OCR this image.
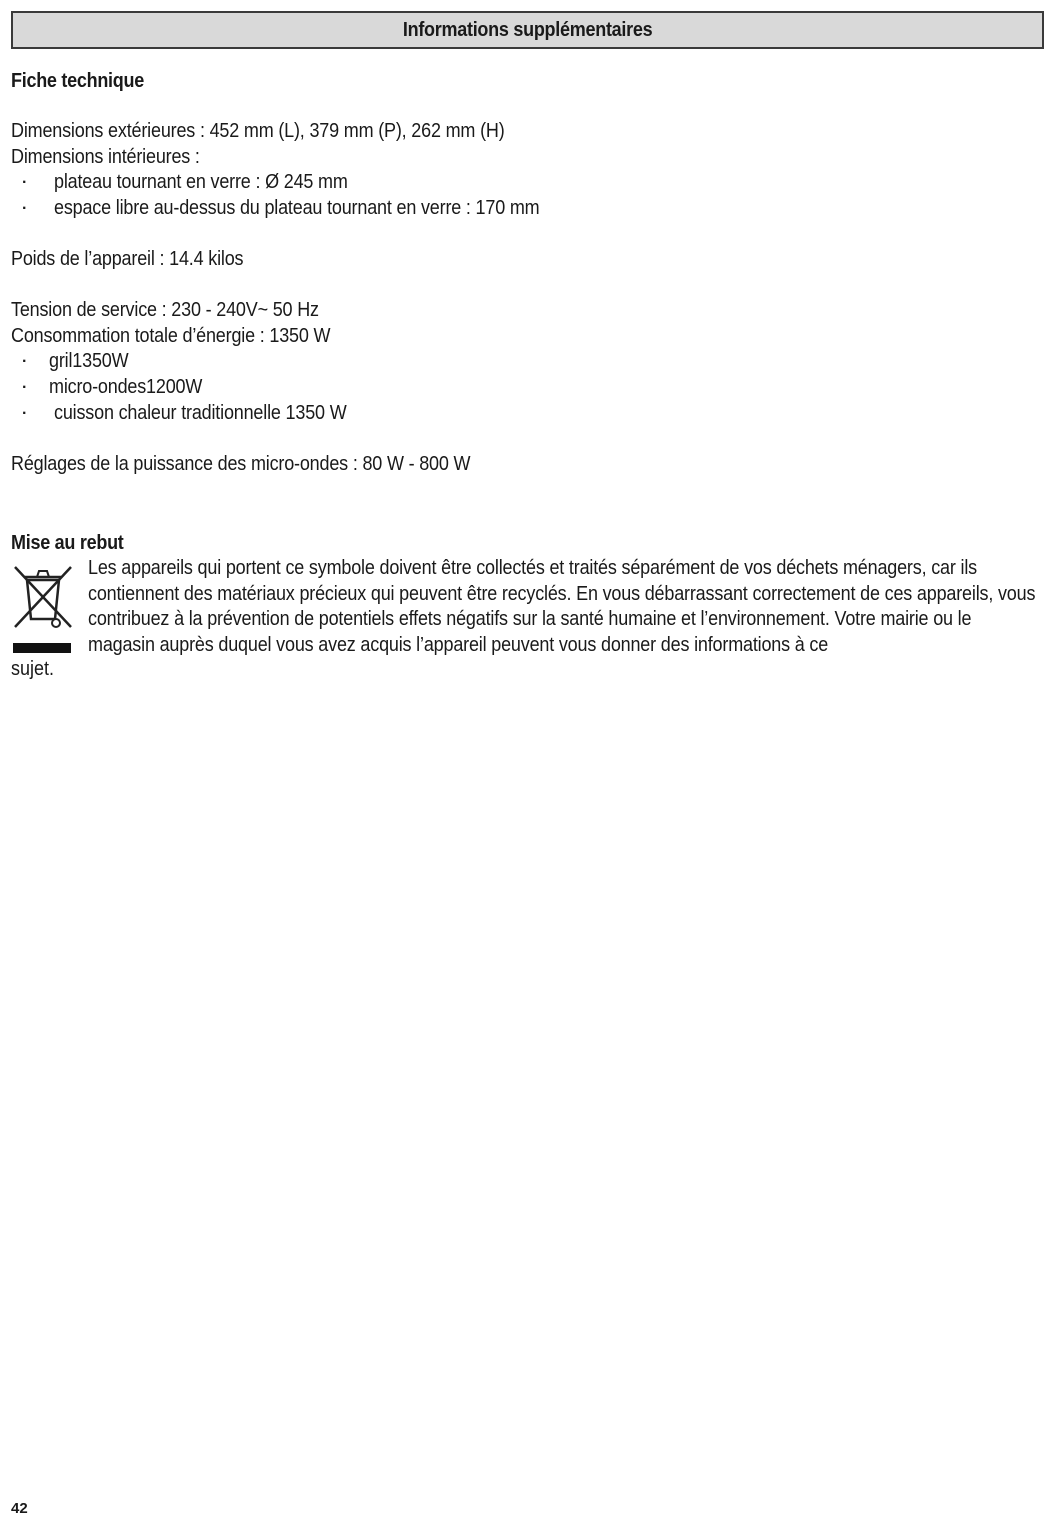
Informations supplémentaires
Fiche technique
Dimensions extérieures : 452 mm (L), 379 mm (P), 262 mm (H)
Dimensions intérieures :
· plateau tournant en verre : Ø 245 mm
· espace libre au-dessus du plateau tournant en verre : 170 mm
Poids de l’appareil : 14.4 kilos
Tension de service : 230 - 240V~ 50 Hz
Consommation totale d’énergie : 1350 W
· gril1350W
· micro-ondes1200W
· cuisson chaleur traditionnelle 1350 W
Réglages de la puissance des micro-ondes : 80 W - 800 W
Mise au rebut
Les appareils qui portent ce symbole doivent être collectés et traités séparément de vos déchets ménagers, car ils contiennent des matériaux précieux qui peuvent être recyclés. En vous débarrassant correctement de ces appareils, vous contribuez à la prévention de potentiels effets négatifs sur la santé humaine et l’environnement. Votre mairie ou le magasin auprès duquel vous avez acquis l’appareil peuvent vous donner des informations à ce
sujet.
42
